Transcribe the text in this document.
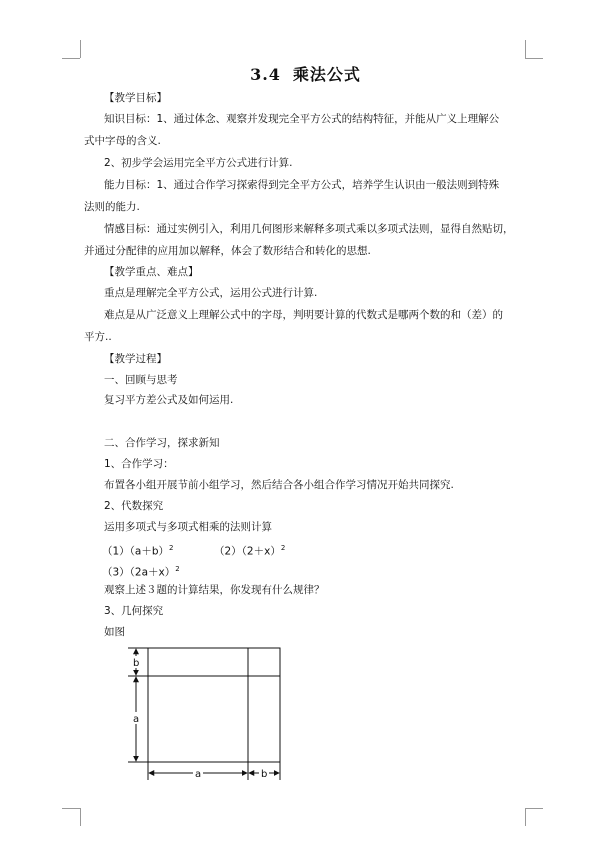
3.4 乘法公式
【教学目标】
知识目标：1、通过体念、观察并发现完全平方公式的结构特征，并能从广义上理解公
式中字母的含义.
2、初步学会运用完全平方公式进行计算.
能力目标：1、通过合作学习探索得到完全平方公式，培养学生认识由一般法则到特殊
法则的能力.
情感目标：通过实例引入，利用几何图形来解释多项式乘以多项式法则，显得自然贴切，
并通过分配律的应用加以解释，体会了数形结合和转化的思想.
【教学重点、难点】
重点是理解完全平方公式，运用公式进行计算.
难点是从广泛意义上理解公式中的字母，判明要计算的代数式是哪两个数的和（差）的
平方..
【教学过程】
一、回顾与思考
复习平方差公式及如何运用.
二、合作学习，探求新知
1、合作学习：
布置各小组开展节前小组学习，然后结合各小组合作学习情况开始共同探究.
2、代数探究
运用多项式与多项式相乘的法则计算
$(1)(a+b)^2$	$(2)(2+x)^2$
$(3)(2a+x)^2$
观察上述３题的计算结果，你发现有什么规律？
3、几何探究
如图
b
a
a	b
